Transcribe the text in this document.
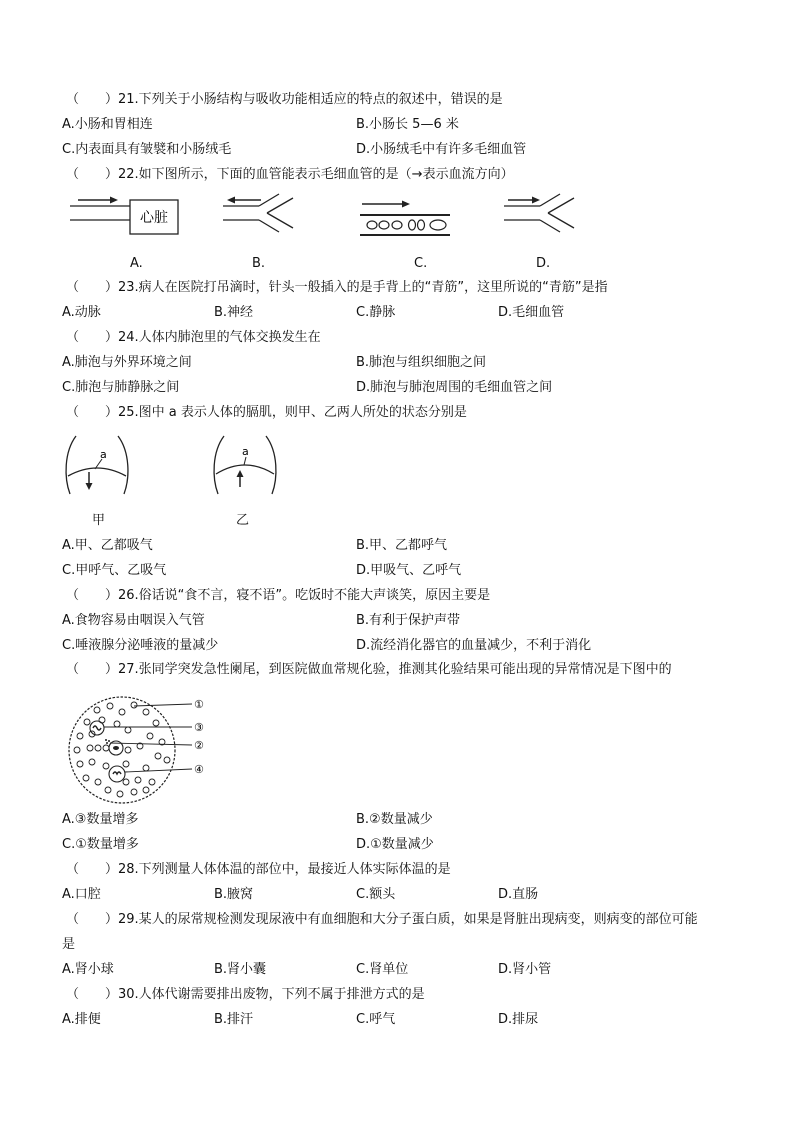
（　　）21.下列关于小肠结构与吸收功能相适应的特点的叙述中，错误的是
A.小肠和胃相连	B.小肠长 5—6 米
C.内表面具有皱襞和小肠绒毛	D.小肠绒毛中有许多毛细血管
（　　）22.如下图所示，下面的血管能表示毛细血管的是（→表示血流方向）
心脏
A.	B.	C.	D.
（　　）23.病人在医院打吊滴时，针头一般插入的是手背上的“青筋”，这里所说的“青筋”是指
A.动脉	B.神经	C.静脉	D.毛细血管
（　　）24.人体内肺泡里的气体交换发生在
A.肺泡与外界环境之间	B.肺泡与组织细胞之间
C.肺泡与肺静脉之间	D.肺泡与肺泡周围的毛细血管之间
（　　）25.图中 a 表示人体的膈肌，则甲、乙两人所处的状态分别是
a	a
甲	乙
A.甲、乙都吸气	B.甲、乙都呼气
C.甲呼气、乙吸气	D.甲吸气、乙呼气
（　　）26.俗话说“食不言，寝不语”。吃饭时不能大声谈笑，原因主要是
A.食物容易由咽误入气管	B.有利于保护声带
C.唾液腺分泌唾液的量减少	D.流经消化器官的血量减少，不利于消化
（　　）27.张同学突发急性阑尾，到医院做血常规化验，推测其化验结果可能出现的异常情况是下图中的
①
③
②
④
A.③数量增多	B.②数量减少
C.①数量增多	D.①数量减少
（　　）28.下列测量人体体温的部位中，最接近人体实际体温的是
A.口腔	B.腋窝	C.额头	D.直肠
（　　）29.某人的尿常规检测发现尿液中有血细胞和大分子蛋白质，如果是肾脏出现病变，则病变的部位可能
是
A.肾小球	B.肾小囊	C.肾单位	D.肾小管
（　　）30.人体代谢需要排出废物，下列不属于排泄方式的是
A.排便	B.排汗	C.呼气	D.排尿
